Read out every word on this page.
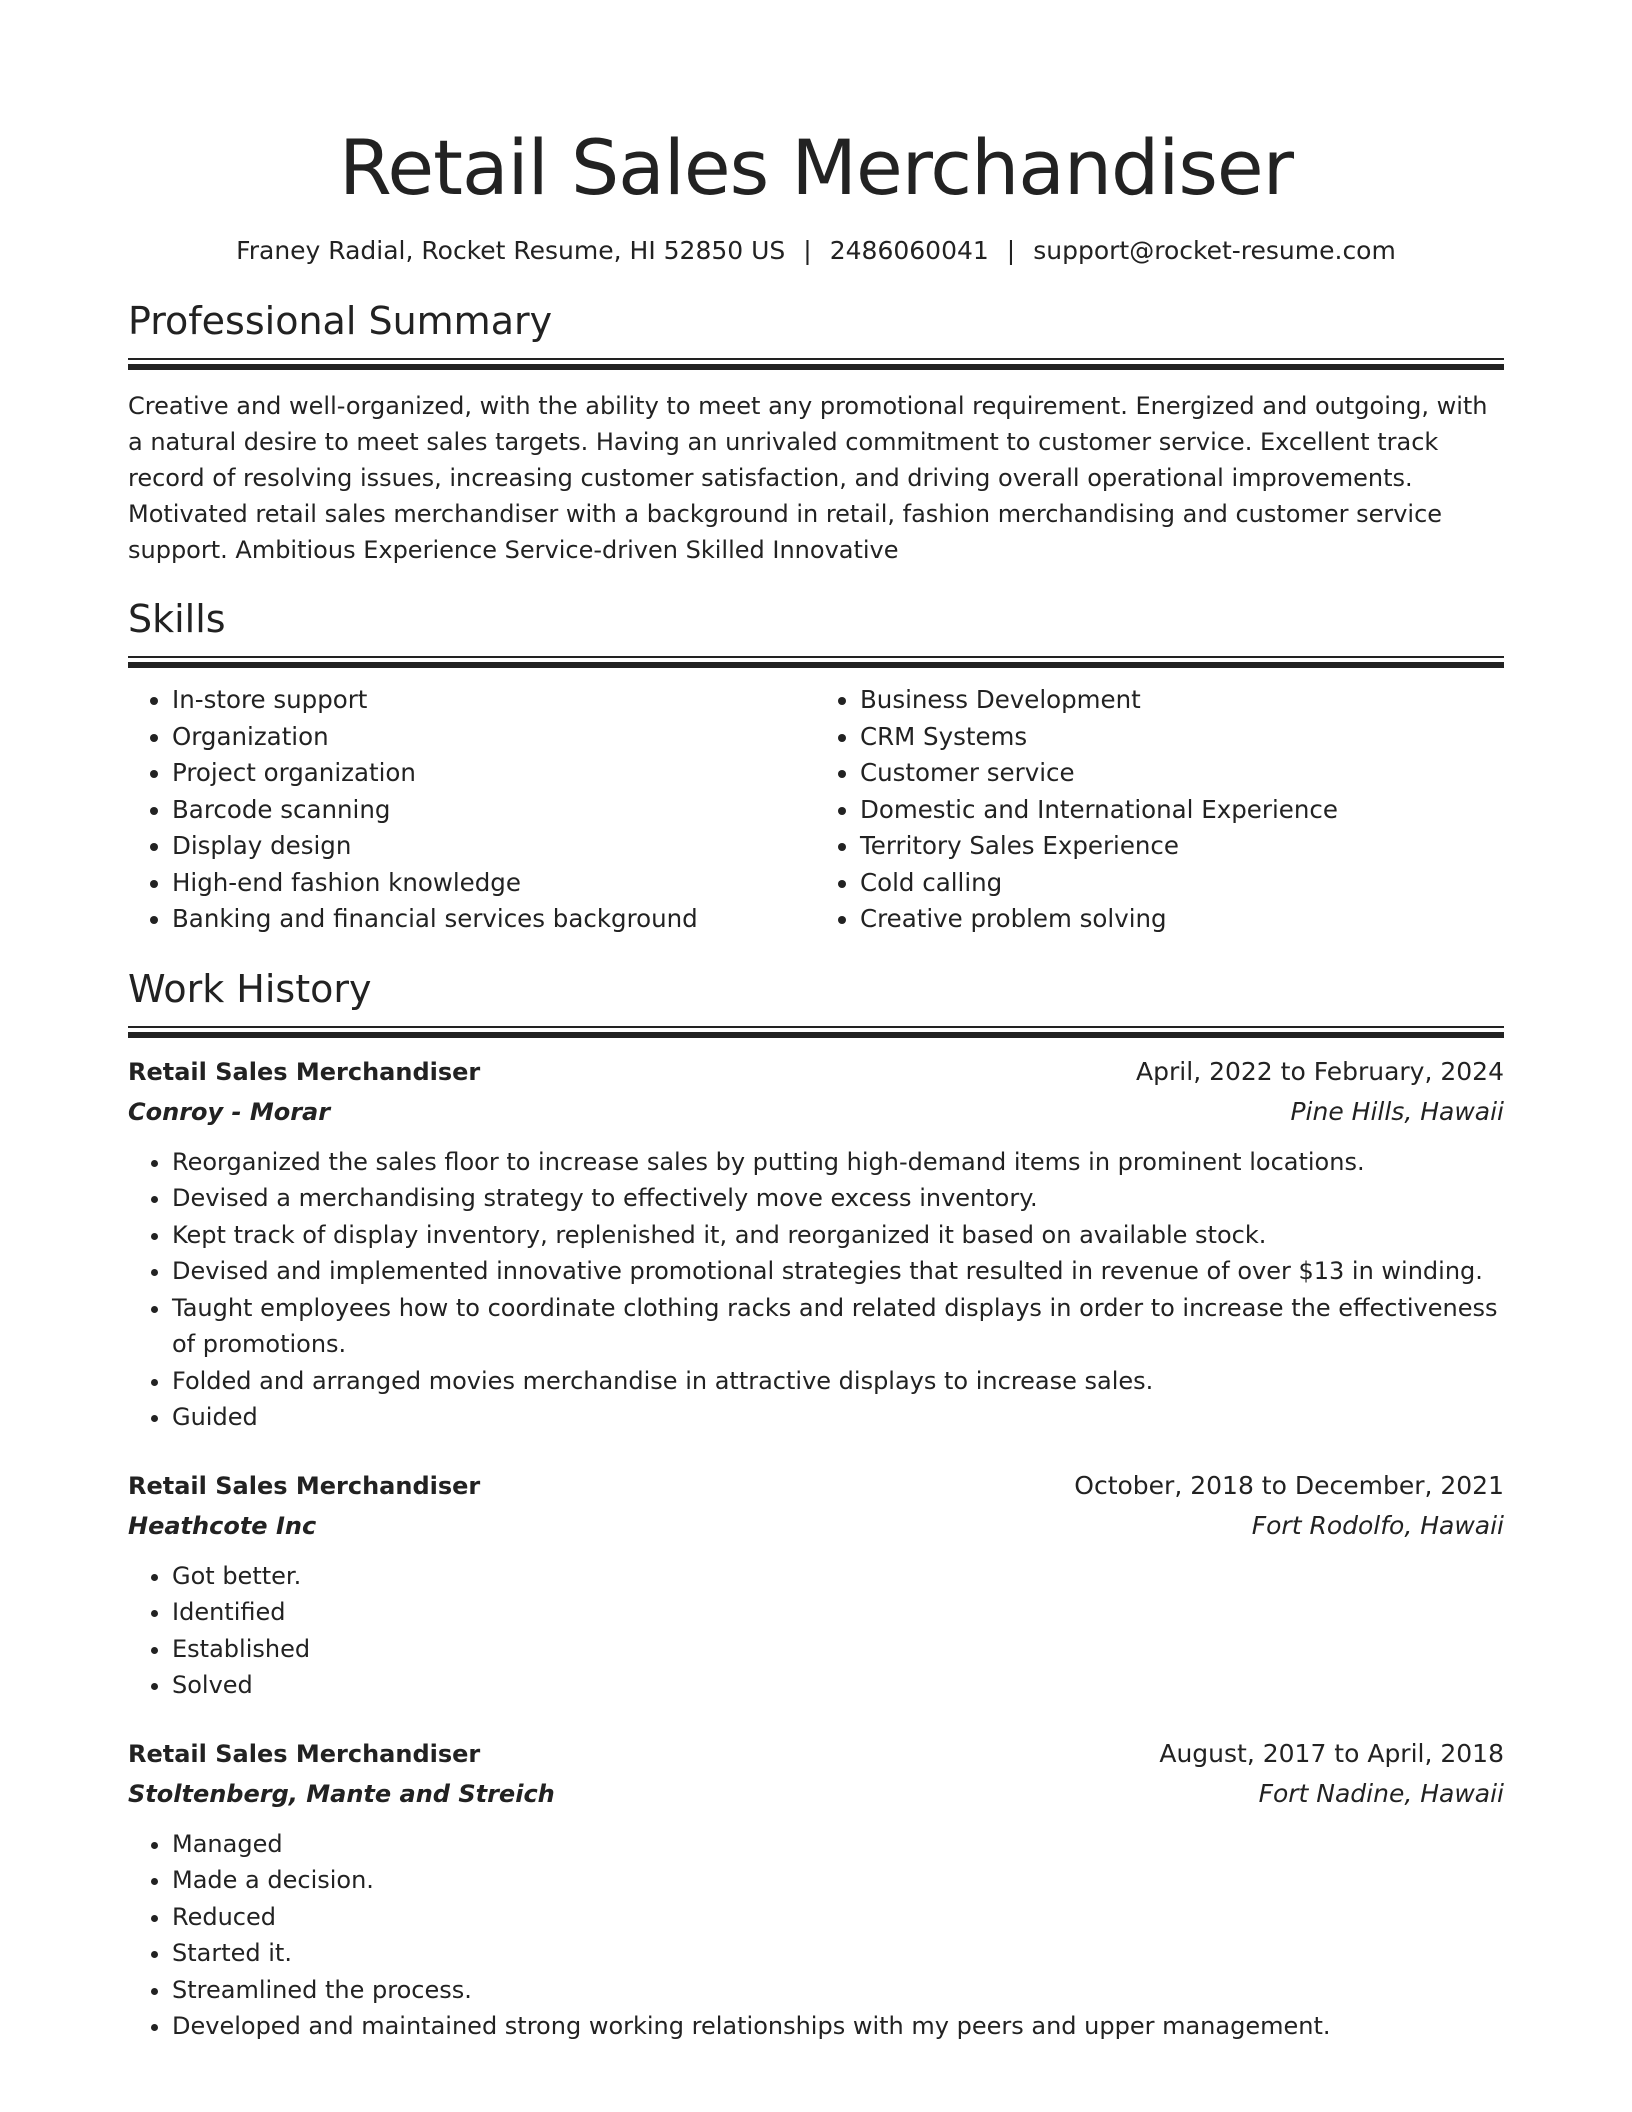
Retail Sales Merchandiser
Franey Radial, Rocket Resume, HI 52850 US | 2486060041 | support@rocket-resume.com
Professional Summary

Creative and well-organized, with the ability to meet any promotional requirement. Energized and outgoing, with a natural desire to meet sales targets. Having an unrivaled commitment to customer service. Excellent track record of resolving issues, increasing customer satisfaction, and driving overall operational improvements. Motivated retail sales merchandiser with a background in retail, fashion merchandising and customer service support. Ambitious Experience Service-driven Skilled Innovative

Skills
• In-store support
• Organization
• Project organization
• Barcode scanning
• Display design
• High-end fashion knowledge
• Banking and financial services background
• Business Development
• CRM Systems
• Customer service
• Domestic and International Experience
• Territory Sales Experience
• Cold calling
• Creative problem solving
Work History
Retail Sales Merchandiser	April, 2022 to February, 2024
Conroy - Morar	Pine Hills, Hawaii
• Reorganized the sales floor to increase sales by putting high-demand items in prominent locations.
• Devised a merchandising strategy to effectively move excess inventory.
• Kept track of display inventory, replenished it, and reorganized it based on available stock.
• Devised and implemented innovative promotional strategies that resulted in revenue of over $13 in winding.
• Taught employees how to coordinate clothing racks and related displays in order to increase the effectiveness of promotions.
• Folded and arranged movies merchandise in attractive displays to increase sales.
• Guided
Retail Sales Merchandiser	October, 2018 to December, 2021
Heathcote Inc	Fort Rodolfo, Hawaii
• Got better.
• Identified
• Established
• Solved
Retail Sales Merchandiser	August, 2017 to April, 2018
Stoltenberg, Mante and Streich	Fort Nadine, Hawaii
• Managed
• Made a decision.
• Reduced
• Started it.
• Streamlined the process.
• Developed and maintained strong working relationships with my peers and upper management.
